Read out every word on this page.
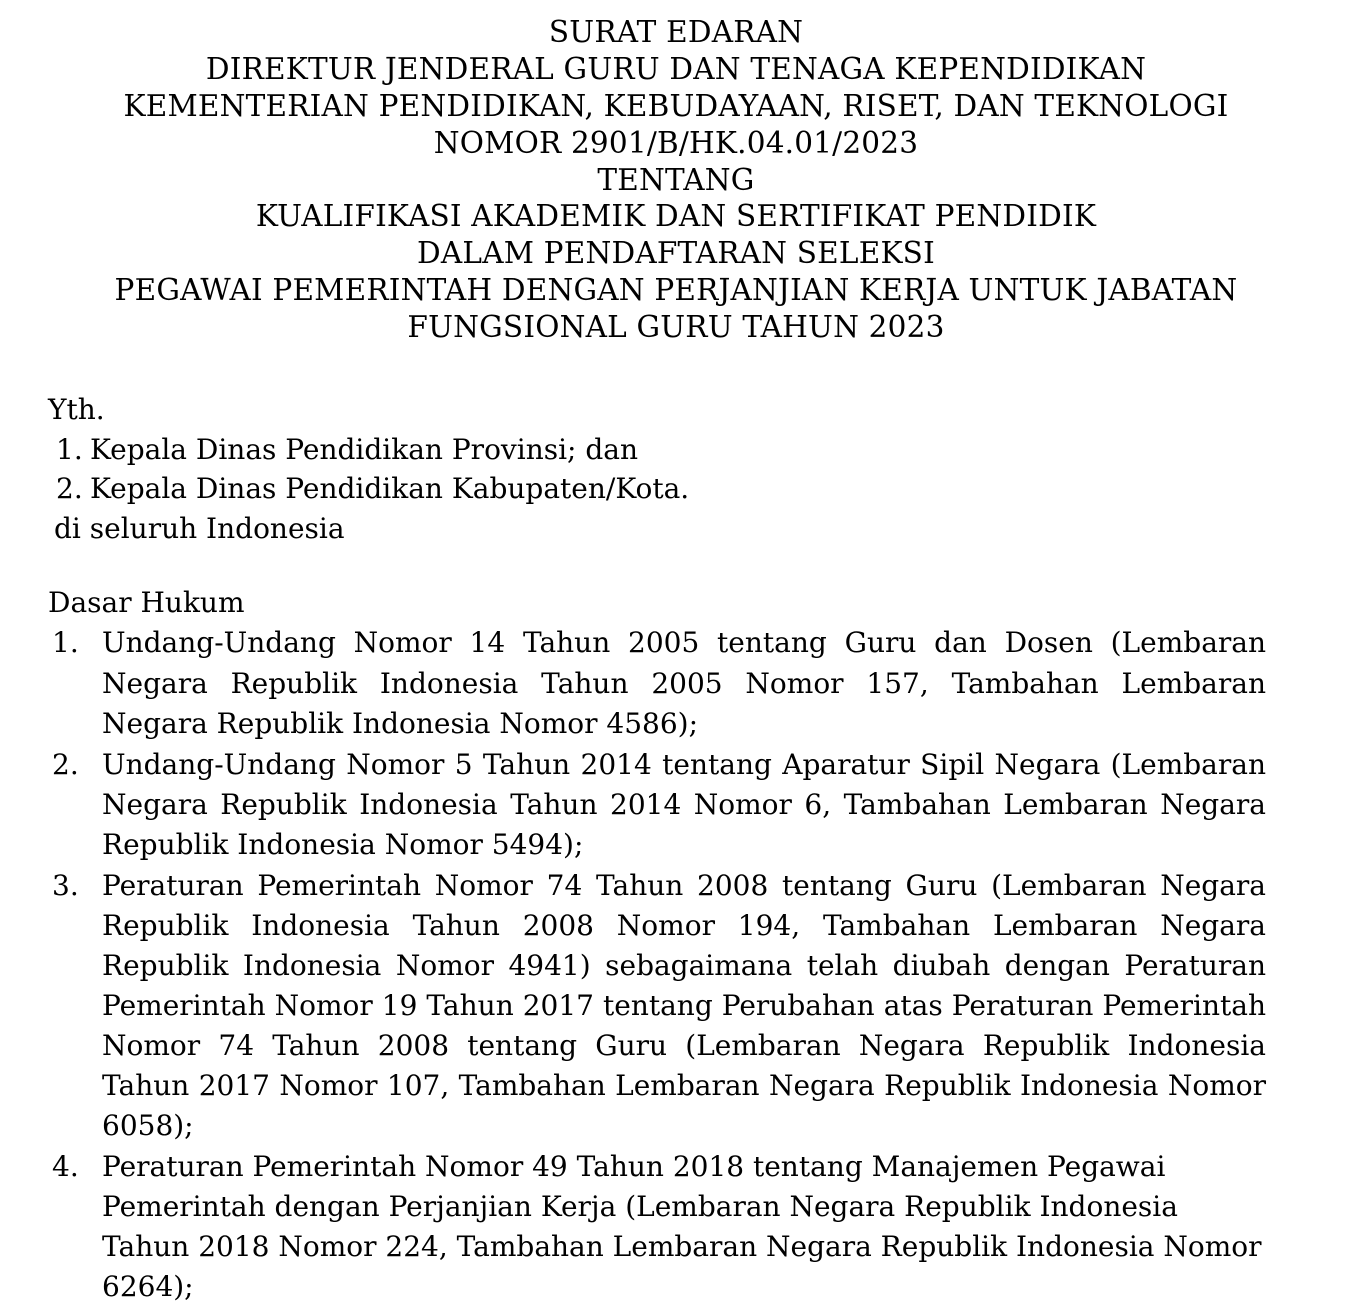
SURAT EDARAN
DIREKTUR JENDERAL GURU DAN TENAGA KEPENDIDIKAN
KEMENTERIAN PENDIDIKAN, KEBUDAYAAN, RISET, DAN TEKNOLOGI
NOMOR 2901/B/HK.04.01/2023
TENTANG
KUALIFIKASI AKADEMIK DAN SERTIFIKAT PENDIDIK
DALAM PENDAFTARAN SELEKSI
PEGAWAI PEMERINTAH DENGAN PERJANJIAN KERJA UNTUK JABATAN
FUNGSIONAL GURU TAHUN 2023
Yth.
1. Kepala Dinas Pendidikan Provinsi; dan
2. Kepala Dinas Pendidikan Kabupaten/Kota.
di seluruh Indonesia
Dasar Hukum
1. Undang-Undang Nomor 14 Tahun 2005 tentang Guru dan Dosen (Lembaran Negara Republik Indonesia Tahun 2005 Nomor 157, Tambahan Lembaran Negara Republik Indonesia Nomor 4586);
2. Undang-Undang Nomor 5 Tahun 2014 tentang Aparatur Sipil Negara (Lembaran Negara Republik Indonesia Tahun 2014 Nomor 6, Tambahan Lembaran Negara Republik Indonesia Nomor 5494);
3. Peraturan Pemerintah Nomor 74 Tahun 2008 tentang Guru (Lembaran Negara Republik Indonesia Tahun 2008 Nomor 194, Tambahan Lembaran Negara Republik Indonesia Nomor 4941) sebagaimana telah diubah dengan Peraturan Pemerintah Nomor 19 Tahun 2017 tentang Perubahan atas Peraturan Pemerintah Nomor 74 Tahun 2008 tentang Guru (Lembaran Negara Republik Indonesia Tahun 2017 Nomor 107, Tambahan Lembaran Negara Republik Indonesia Nomor 6058);
4. Peraturan Pemerintah Nomor 49 Tahun 2018 tentang Manajemen Pegawai Pemerintah dengan Perjanjian Kerja (Lembaran Negara Republik Indonesia Tahun 2018 Nomor 224, Tambahan Lembaran Negara Republik Indonesia Nomor 6264);
